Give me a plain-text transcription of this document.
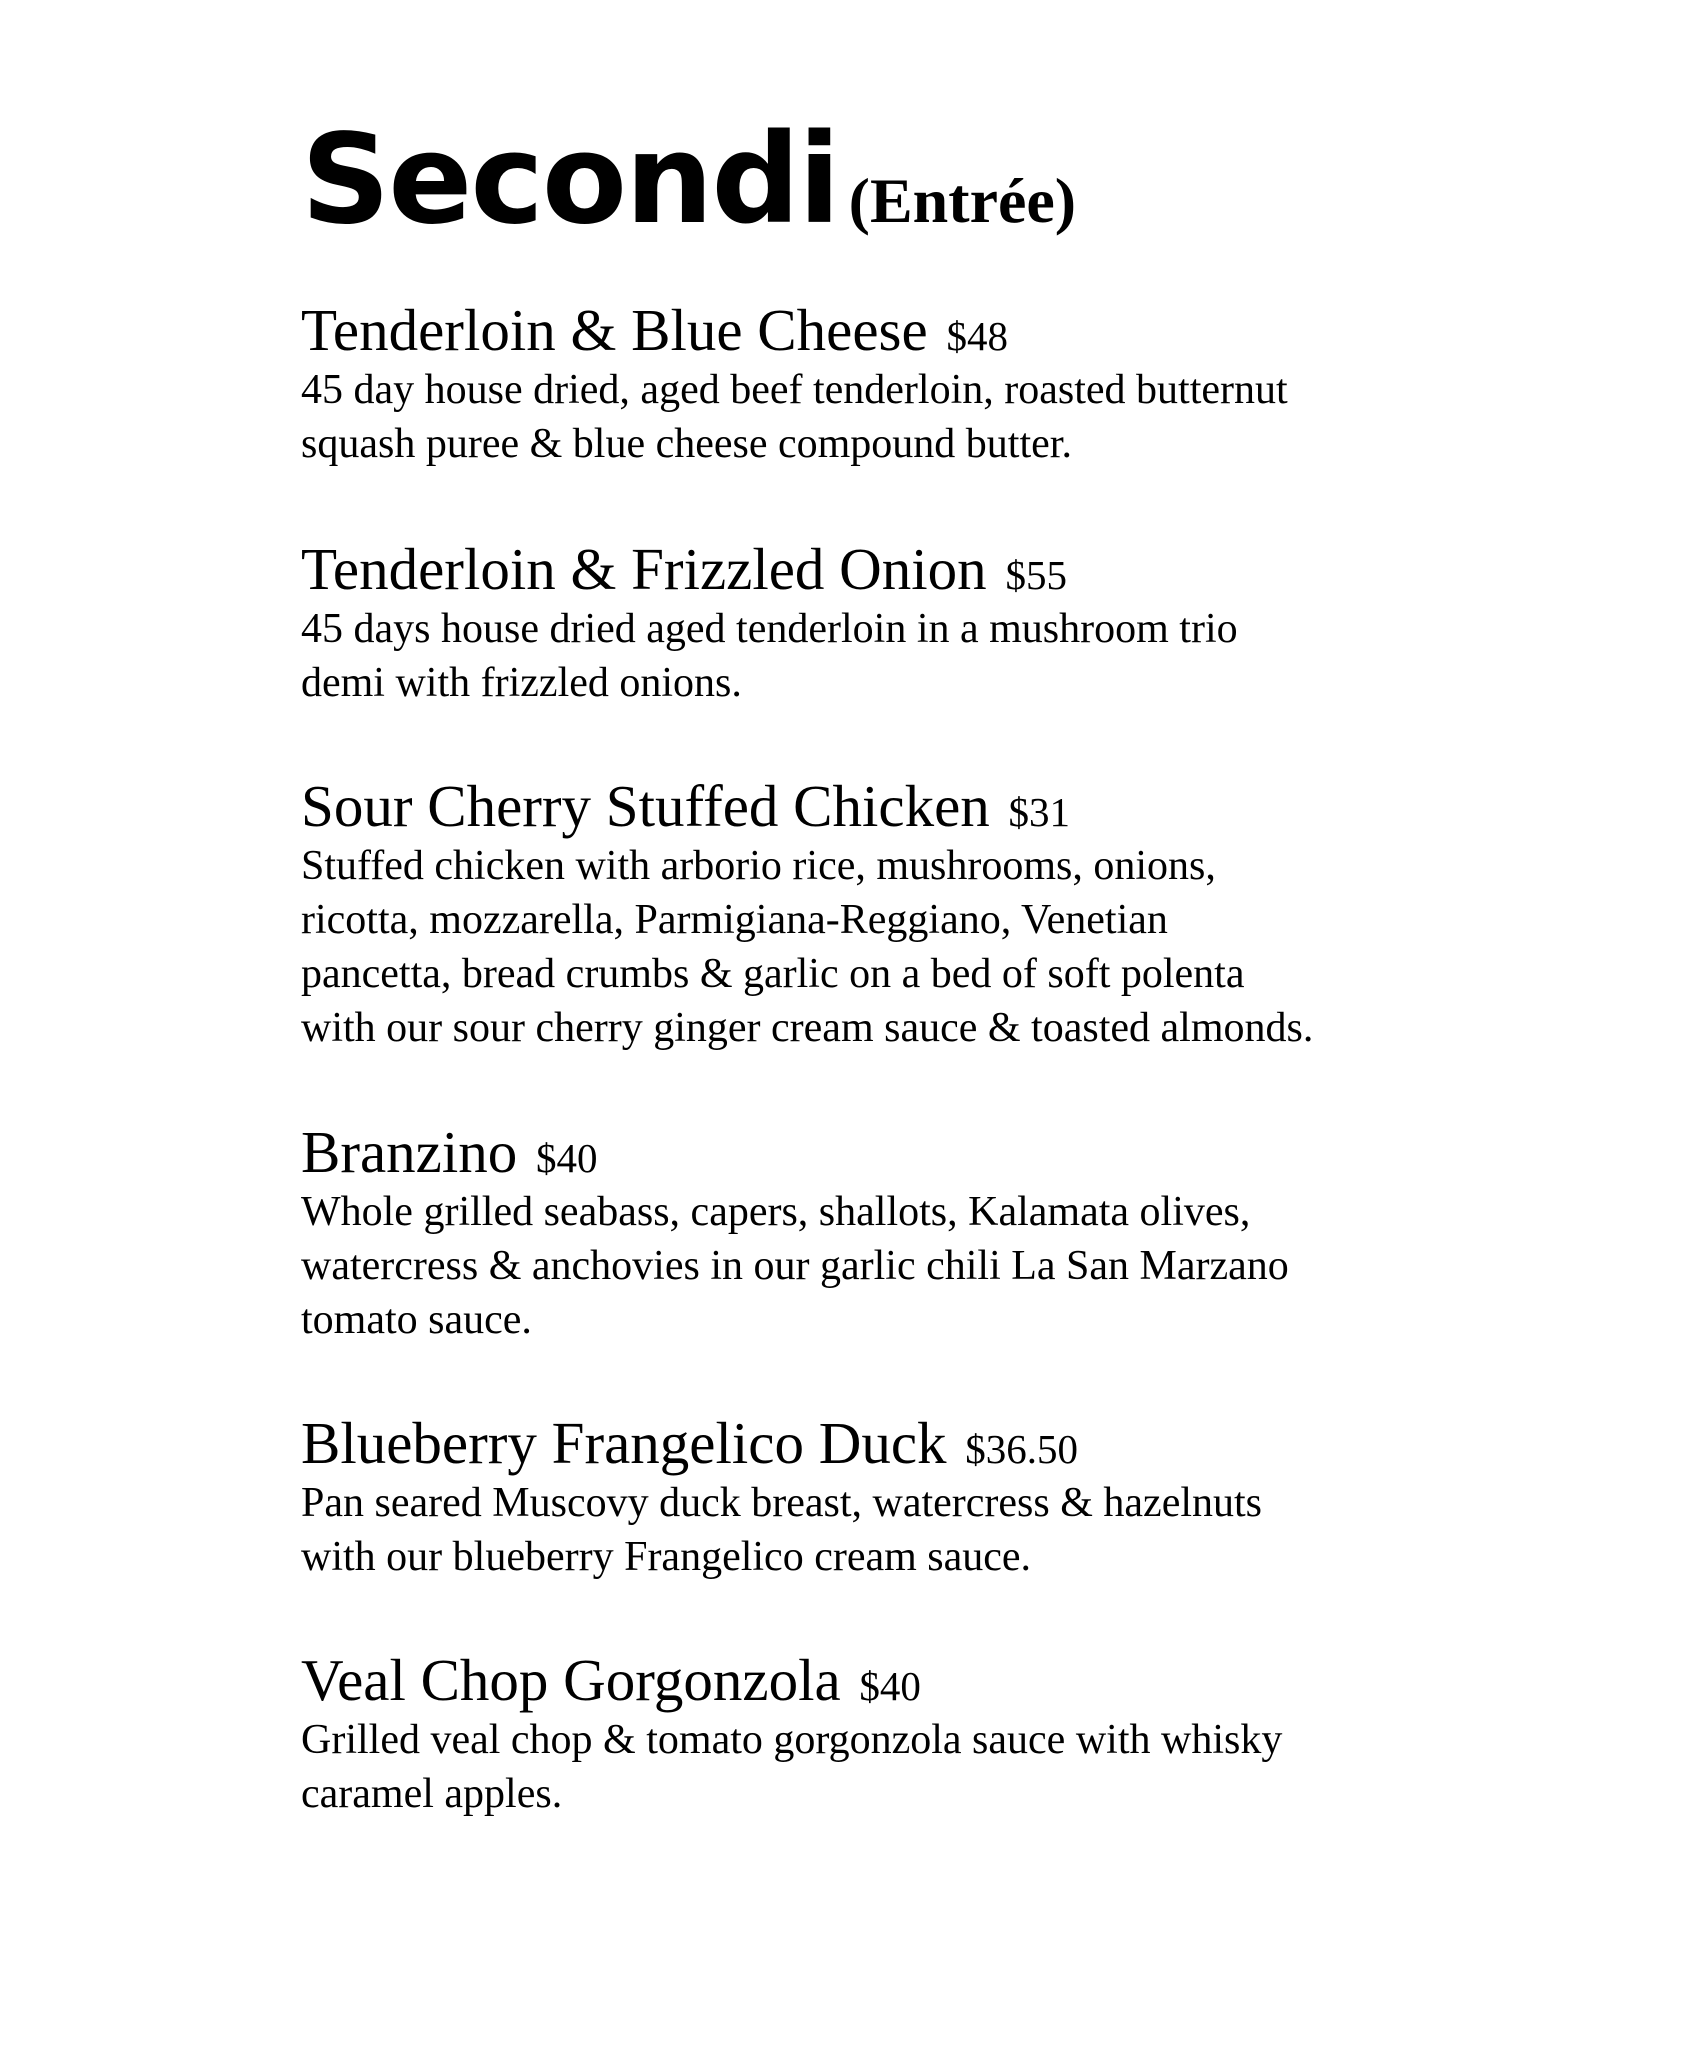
Secondi (Entrée)

Tenderloin & Blue Cheese $48

45 day house dried, aged beef tenderloin, roasted butternut

squash puree & blue cheese compound butter.

Tenderloin & Frizzled Onion $55

45 days house dried aged tenderloin in a mushroom trio

demi with frizzled onions.

Sour Cherry Stuffed Chicken $31

Stuffed chicken with arborio rice, mushrooms, onions,

ricotta, mozzarella, Parmigiana-Reggiano, Venetian

pancetta, bread crumbs & garlic on a bed of soft polenta

with our sour cherry ginger cream sauce & toasted almonds.

Branzino $40

Whole grilled seabass, capers, shallots, Kalamata olives,

watercress & anchovies in our garlic chili La San Marzano

tomato sauce.

Blueberry Frangelico Duck $36.50

Pan seared Muscovy duck breast, watercress & hazelnuts

with our blueberry Frangelico cream sauce.

Veal Chop Gorgonzola $40

Grilled veal chop & tomato gorgonzola sauce with whisky

caramel apples.
